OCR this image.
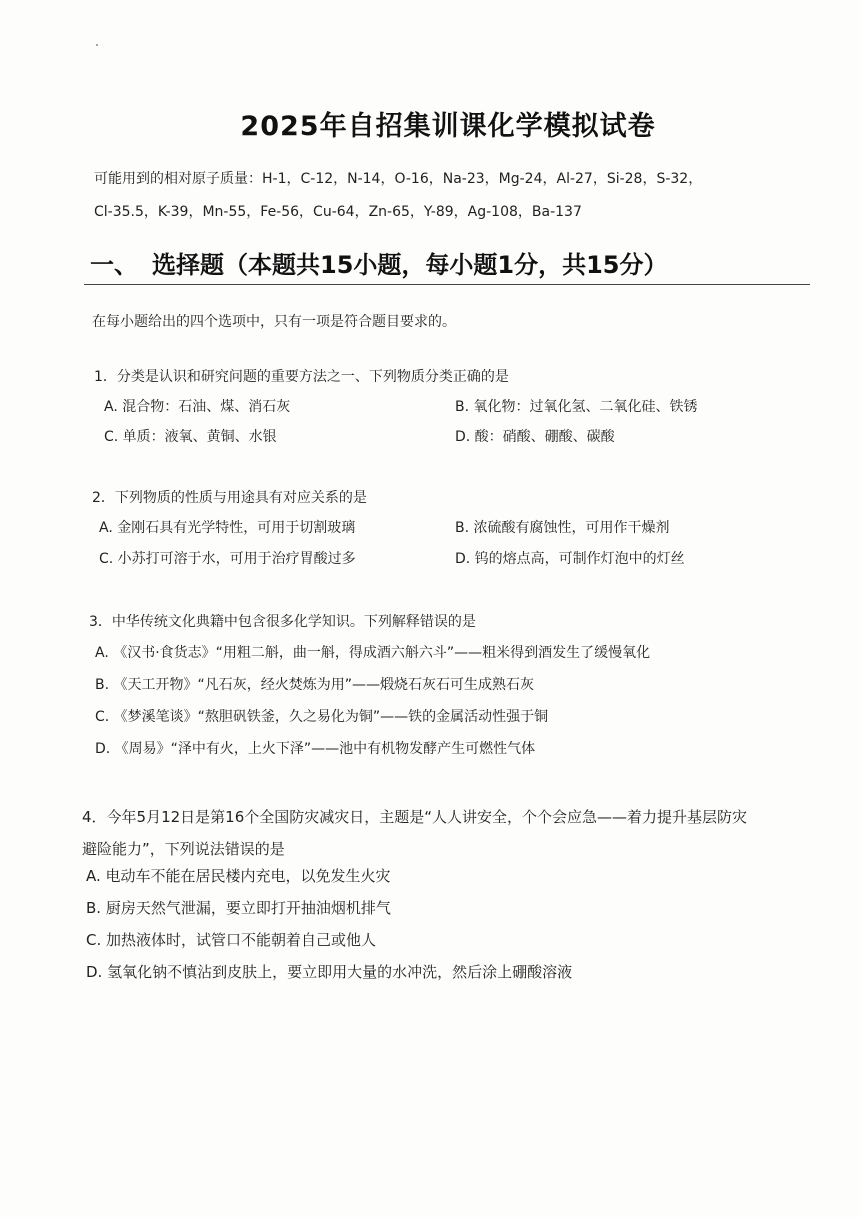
2025年自招集训课化学模拟试卷
可能用到的相对原子质量：H-1，C-12，N-14，O-16，Na-23，Mg-24，Al-27，Si-28，S-32，
Cl-35.5，K-39，Mn-55，Fe-56，Cu-64，Zn-65，Y-89，Ag-108，Ba-137
一、 选择题（本题共15小题，每小题1分，共15分）
在每小题给出的四个选项中，只有一项是符合题目要求的。
1．分类是认识和研究问题的重要方法之一、下列物质分类正确的是
A. 混合物：石油、煤、消石灰	B. 氧化物：过氧化氢、二氧化硅、铁锈
C. 单质：液氧、黄铜、水银	D. 酸：硝酸、硼酸、碳酸
2．下列物质的性质与用途具有对应关系的是
A. 金刚石具有光学特性，可用于切割玻璃	B. 浓硫酸有腐蚀性，可用作干燥剂
C. 小苏打可溶于水，可用于治疗胃酸过多	D. 钨的熔点高，可制作灯泡中的灯丝
3．中华传统文化典籍中包含很多化学知识。下列解释错误的是
A. 《汉书·食货志》“用粗二斛，曲一斛，得成酒六斛六斗”——粗米得到酒发生了缓慢氧化
B. 《天工开物》“凡石灰，经火焚炼为用”——煅烧石灰石可生成熟石灰
C. 《梦溪笔谈》“熬胆矾铁釜，久之易化为铜”——铁的金属活动性强于铜
D. 《周易》“泽中有火，上火下泽”——池中有机物发酵产生可燃性气体
4．今年5月12日是第16个全国防灾减灾日，主题是“人人讲安全，个个会应急——着力提升基层防灾
避险能力”，下列说法错误的是
A. 电动车不能在居民楼内充电，以免发生火灾
B. 厨房天然气泄漏，要立即打开抽油烟机排气
C. 加热液体时，试管口不能朝着自己或他人
D. 氢氧化钠不慎沾到皮肤上，要立即用大量的水冲洗，然后涂上硼酸溶液
